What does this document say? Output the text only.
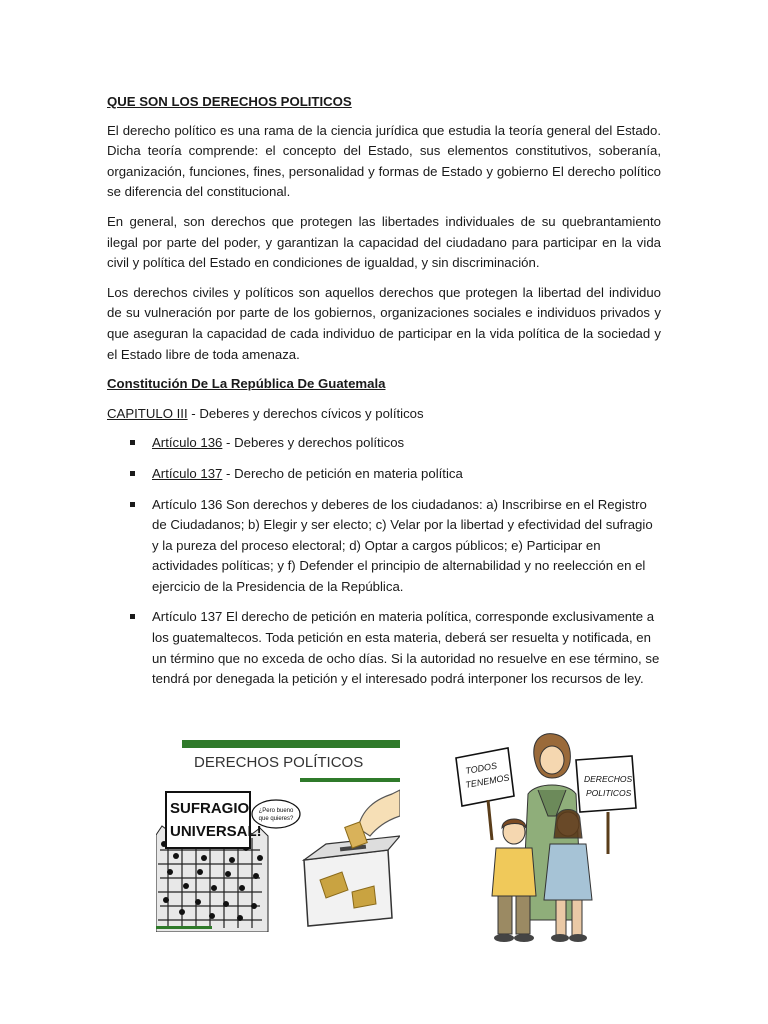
QUE SON LOS DERECHOS POLITICOS

El derecho político es una rama de la ciencia jurídica que estudia la teoría general del Estado. Dicha teoría comprende: el concepto del Estado, sus elementos constitutivos, soberanía, organización, funciones, fines, personalidad y formas de Estado y gobierno El derecho político se diferencia del constitucional.

En general, son derechos que protegen las libertades individuales de su quebrantamiento ilegal por parte del poder, y garantizan la capacidad del ciudadano para participar en la vida civil y política del Estado en condiciones de igualdad, y sin discriminación.

Los derechos civiles y políticos son aquellos derechos que protegen la libertad del individuo de su vulneración por parte de los gobiernos, organizaciones sociales e individuos privados y que aseguran la capacidad de cada individuo de participar en la vida política de la sociedad y el Estado libre de toda amenaza.

Constitución De La República De Guatemala
CAPITULO III - Deberes y derechos cívicos y políticos
Artículo 136 - Deberes y derechos políticos
Artículo 137 - Derecho de petición en materia política
Artículo 136 Son derechos y deberes de los ciudadanos: a) Inscribirse en el Registro de Ciudadanos; b) Elegir y ser electo; c) Velar por la libertad y efectividad del sufragio y la pureza del proceso electoral; d) Optar a cargos públicos; e) Participar en actividades políticas; y f) Defender el principio de alternabilidad y no reelección en el ejercicio de la Presidencia de la República.
Artículo 137 El derecho de petición en materia política, corresponde exclusivamente a los guatemaltecos. Toda petición en esta materia, deberá ser resuelta y notificada, en un término que no exceda de ocho días. Si la autoridad no resuelve en ese término, se tendrá por denegada la petición y el interesado podrá interponer los recursos de ley.
DERECHOS POLÍTICOS
SUFRAGIO
UNIVERSAL!
¿Pero bueno
que quieres?
TODOS
TENEMOS	DERECHOS
POLITICOS
